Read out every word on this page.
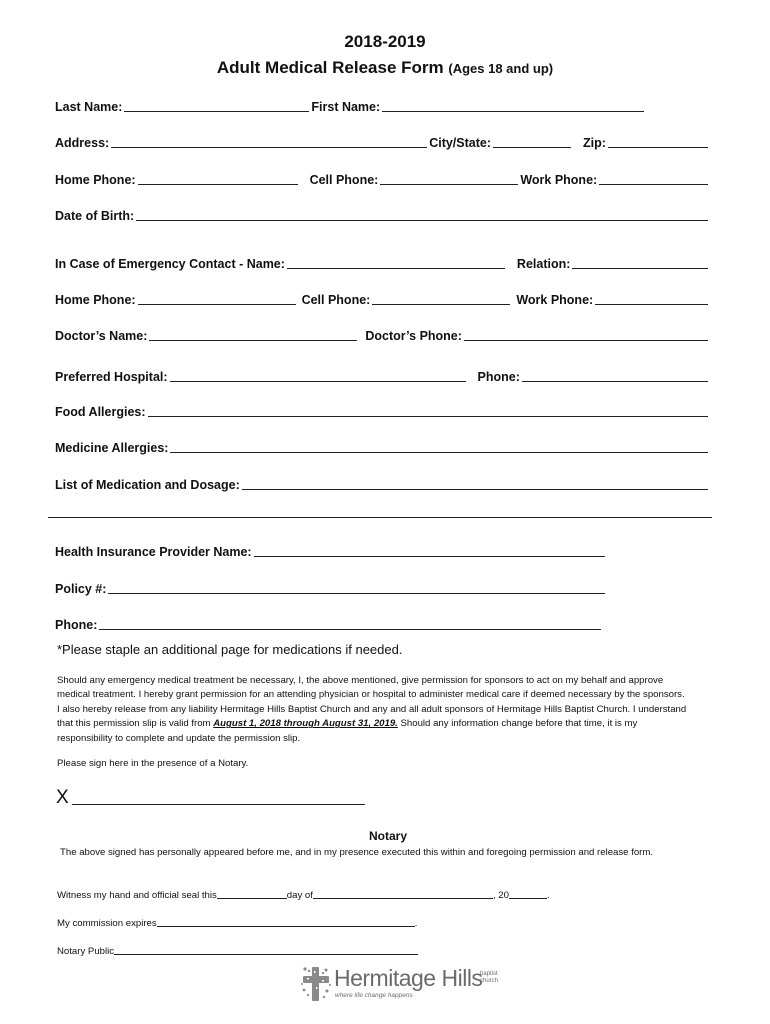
2018-2019
Adult Medical Release Form (Ages 18 and up)
Last Name:	First Name:
Address:	City/State:	Zip:
Home Phone:	Cell Phone:	Work Phone:
Date of Birth:
In Case of Emergency Contact - Name:	Relation:
Home Phone:	Cell Phone:	Work Phone:
Doctor’s Name:	Doctor’s Phone:
Preferred Hospital:	Phone:
Food Allergies:
Medicine Allergies:
List of Medication and Dosage:
Health Insurance Provider Name:
Policy #:
Phone:
*Please staple an additional page for medications if needed.
Should any emergency medical treatment be necessary, I, the above mentioned, give permission for sponsors to act on my behalf and approve medical treatment. I hereby grant permission for an attending physician or hospital to administer medical care if deemed necessary by the sponsors. I also hereby release from any liability Hermitage Hills Baptist Church and any and all adult sponsors of Hermitage Hills Baptist Church. I understand that this permission slip is valid from August 1, 2018 through August 31, 2019. Should any information change before that time, it is my responsibility to complete and update the permission slip.
Please sign here in the presence of a Notary.
X
Notary
The above signed has personally appeared before me, and in my presence executed this within and foregoing permission and release form.
Witness my hand and official seal this	day of	, 20	.
My commission expires	.
Notary Public
Hermitage Hills
baptist
church
where life change happens
